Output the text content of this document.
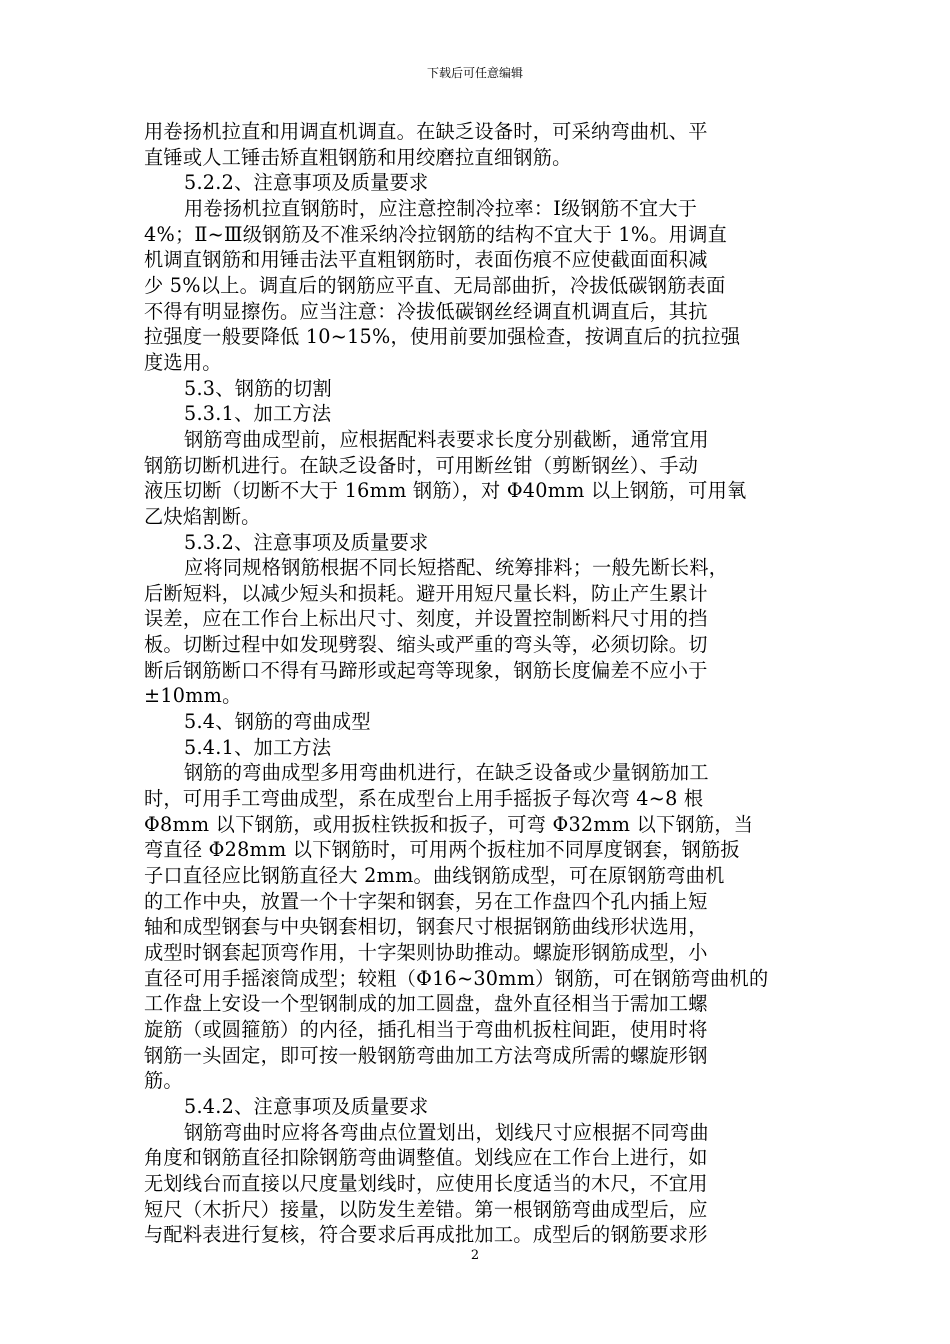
下载后可任意编辑

用卷扬机拉直和用调直机调直。在缺乏设备时，可采纳弯曲机、平

直锤或人工锤击矫直粗钢筋和用绞磨拉直细钢筋。

5.2.2、注意事项及质量要求

用卷扬机拉直钢筋时，应注意控制冷拉率：Ⅰ级钢筋不宜大于

4%；Ⅱ~Ⅲ级钢筋及不准采纳冷拉钢筋的结构不宜大于 1%。用调直

机调直钢筋和用锤击法平直粗钢筋时，表面伤痕不应使截面面积减

少 5%以上。调直后的钢筋应平直、无局部曲折，冷拔低碳钢筋表面

不得有明显擦伤。应当注意：冷拔低碳钢丝经调直机调直后，其抗

拉强度一般要降低 10~15%，使用前要加强检查，按调直后的抗拉强

度选用。

5.3、钢筋的切割

5.3.1、加工方法

钢筋弯曲成型前，应根据配料表要求长度分别截断，通常宜用

钢筋切断机进行。在缺乏设备时，可用断丝钳（剪断钢丝）、手动

液压切断（切断不大于 16mm 钢筋），对 Φ40mm 以上钢筋，可用氧

乙炔焰割断。

5.3.2、注意事项及质量要求

应将同规格钢筋根据不同长短搭配、统筹排料；一般先断长料，

后断短料，以减少短头和损耗。避开用短尺量长料，防止产生累计

误差，应在工作台上标出尺寸、刻度，并设置控制断料尺寸用的挡

板。切断过程中如发现劈裂、缩头或严重的弯头等，必须切除。切

断后钢筋断口不得有马蹄形或起弯等现象，钢筋长度偏差不应小于

±10mm。

5.4、钢筋的弯曲成型

5.4.1、加工方法

钢筋的弯曲成型多用弯曲机进行，在缺乏设备或少量钢筋加工

时，可用手工弯曲成型，系在成型台上用手摇扳子每次弯 4~8 根

Φ8mm 以下钢筋，或用扳柱铁扳和扳子，可弯 Φ32mm 以下钢筋，当

弯直径 Φ28mm 以下钢筋时，可用两个扳柱加不同厚度钢套，钢筋扳

子口直径应比钢筋直径大 2mm。曲线钢筋成型，可在原钢筋弯曲机

的工作中央，放置一个十字架和钢套，另在工作盘四个孔内插上短

轴和成型钢套与中央钢套相切，钢套尺寸根据钢筋曲线形状选用，

成型时钢套起顶弯作用，十字架则协助推动。螺旋形钢筋成型，小

直径可用手摇滚筒成型；较粗（Φ16~30mm）钢筋，可在钢筋弯曲机的

工作盘上安设一个型钢制成的加工圆盘，盘外直径相当于需加工螺

旋筋（或圆箍筋）的内径，插孔相当于弯曲机扳柱间距，使用时将

钢筋一头固定，即可按一般钢筋弯曲加工方法弯成所需的螺旋形钢

筋。

5.4.2、注意事项及质量要求

钢筋弯曲时应将各弯曲点位置划出，划线尺寸应根据不同弯曲

角度和钢筋直径扣除钢筋弯曲调整值。划线应在工作台上进行，如

无划线台而直接以尺度量划线时，应使用长度适当的木尺，不宜用

短尺（木折尺）接量，以防发生差错。第一根钢筋弯曲成型后，应

与配料表进行复核，符合要求后再成批加工。成型后的钢筋要求形

2
